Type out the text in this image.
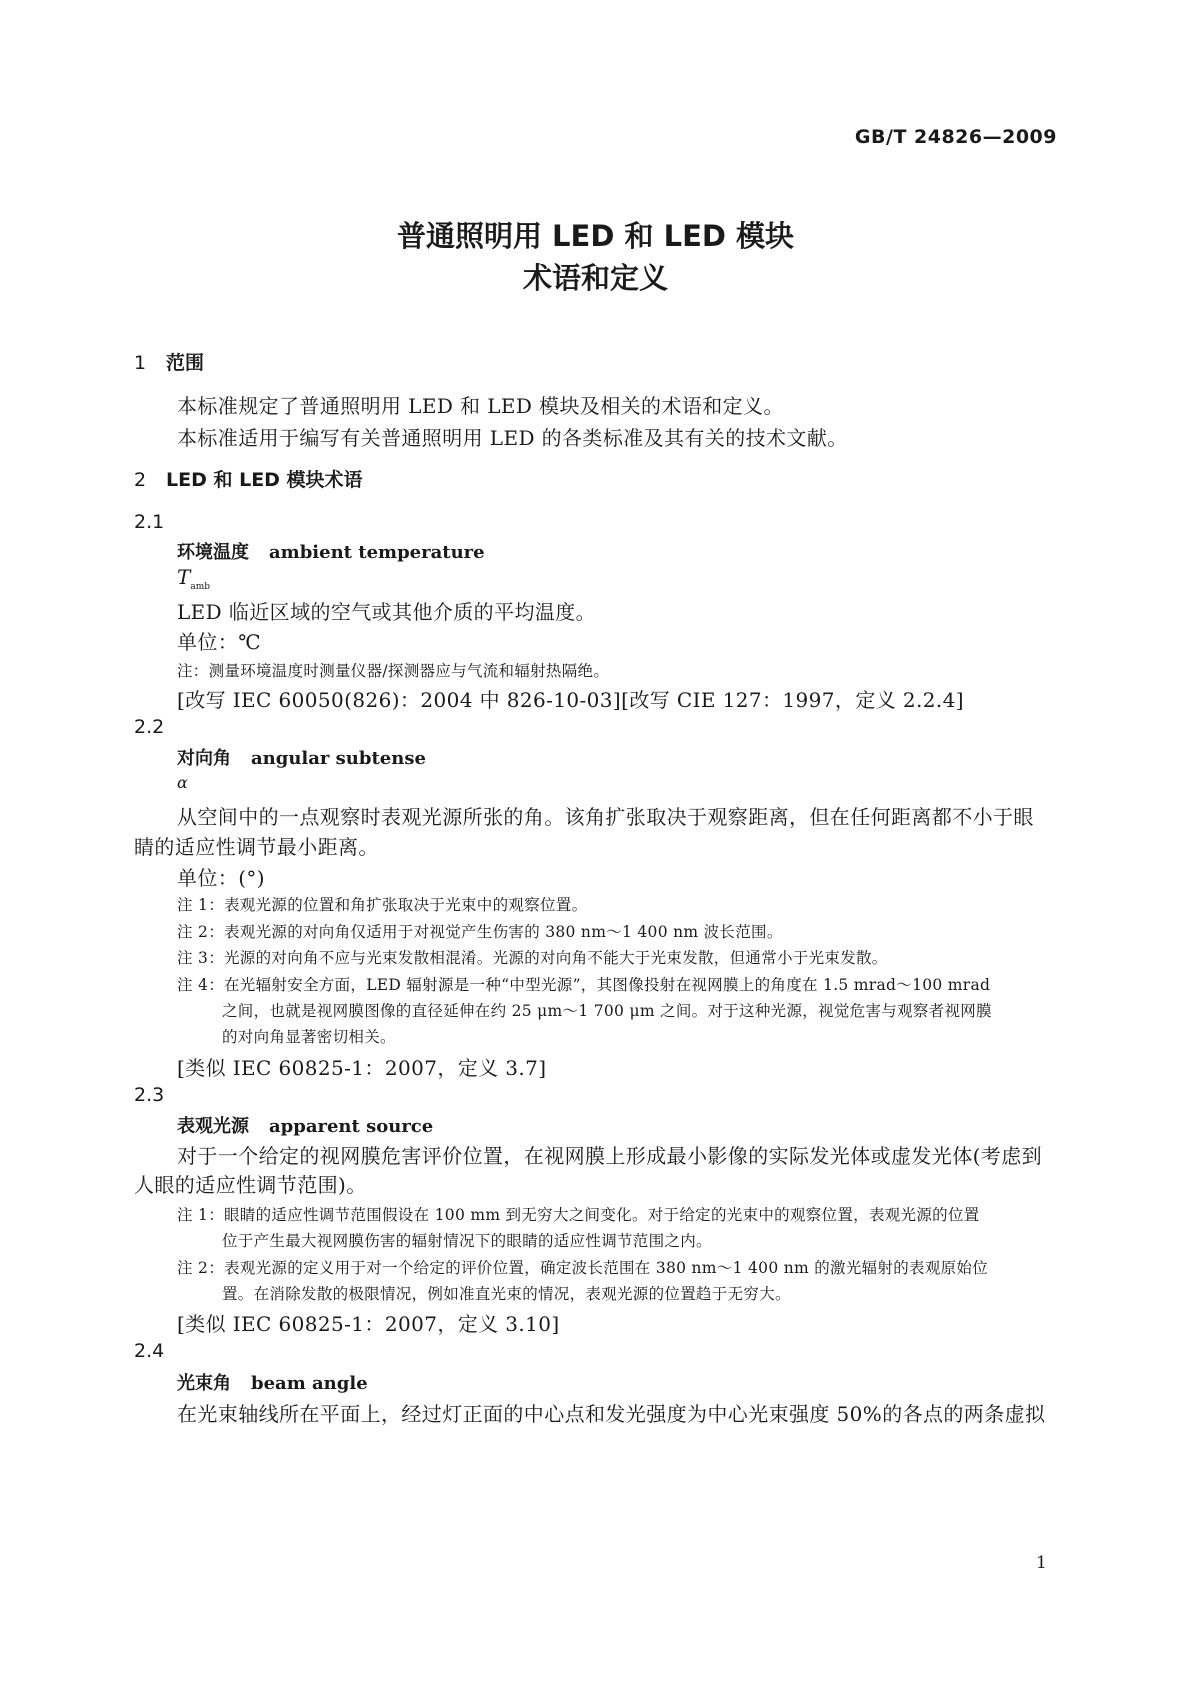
GB/T 24826—2009
普通照明用 LED 和 LED 模块
术语和定义
1 范围
本标准规定了普通照明用 LED 和 LED 模块及相关的术语和定义。
本标准适用于编写有关普通照明用 LED 的各类标准及其有关的技术文献。
2 LED 和 LED 模块术语
2.1
环境温度 ambient temperature
$T_{amb}$
LED 临近区域的空气或其他介质的平均温度。
单位：℃
注：测量环境温度时测量仪器/探测器应与气流和辐射热隔绝。
[改写 IEC 60050(826)：2004 中 826-10-03][改写 CIE 127：1997，定义 2.2.4]
2.2
对向角 angular subtense
α
从空间中的一点观察时表观光源所张的角。该角扩张取决于观察距离，但在任何距离都不小于眼
睛的适应性调节最小距离。
单位：(°)
注 1：表观光源的位置和角扩张取决于光束中的观察位置。
注 2：表观光源的对向角仅适用于对视觉产生伤害的 380 nm～1 400 nm 波长范围。
注 3：光源的对向角不应与光束发散相混淆。光源的对向角不能大于光束发散，但通常小于光束发散。
注 4：在光辐射安全方面，LED 辐射源是一种“中型光源”，其图像投射在视网膜上的角度在 1.5 mrad～100 mrad
之间，也就是视网膜图像的直径延伸在约 25 μm～1 700 μm 之间。对于这种光源，视觉危害与观察者视网膜
的对向角显著密切相关。
[类似 IEC 60825-1：2007，定义 3.7]
2.3
表观光源 apparent source
对于一个给定的视网膜危害评价位置，在视网膜上形成最小影像的实际发光体或虚发光体(考虑到
人眼的适应性调节范围)。
注 1：眼睛的适应性调节范围假设在 100 mm 到无穷大之间变化。对于给定的光束中的观察位置，表观光源的位置
位于产生最大视网膜伤害的辐射情况下的眼睛的适应性调节范围之内。
注 2：表观光源的定义用于对一个给定的评价位置，确定波长范围在 380 nm～1 400 nm 的激光辐射的表观原始位
置。在消除发散的极限情况，例如准直光束的情况，表观光源的位置趋于无穷大。
[类似 IEC 60825-1：2007，定义 3.10]
2.4
光束角 beam angle
在光束轴线所在平面上，经过灯正面的中心点和发光强度为中心光束强度 50%的各点的两条虚拟
1
